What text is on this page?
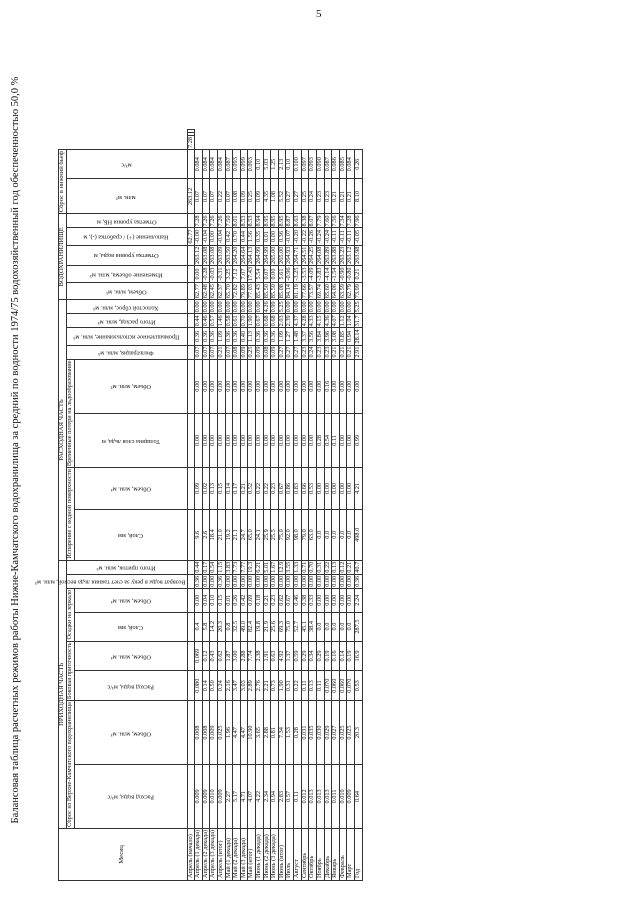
5
Балансовая таблица расчетных режимов работы Нижне-Камчатского водохранилища за средний по водности 1974/75 водохозяйственный год обеспеченностью 50,0 %
Месяц	ПРИХОДНАЯ ЧАСТЬ								РАСХОДНАЯ ЧАСТЬ								ВОДОХРАНИЛИЩЕ					Сброс в нижний бьеф				
	Сброс из Верхне-Камчатского водохранилища		Боковая приточность		Осадки на зеркало		Возврат воды в реку за счет таяния льда весной, млн. м³	Итого приток, млн. м³	Испарение с водной поверхности		Временные потери на льдообразование		Фильтрация, млн. м³	Промышленное использование, млн. м³	Итого расход, млн. м³	Холостой сброс, млн. м³	Объем, млн. м³	Изменение объема, млн. м³	Отметка уровня воды, м	Наполнение (+) / сработка (-), м	Отметка уровня НБ, м	млн. м³	м³/с			
	Расход воды, м³/с	Объем, млн. м³	Расход воды, м³/с	Объем, млн. м³	Слой, мм	Объем, млн. м³			Слой, мм	Объем, млн. м³	Толщина слоя льда, м	Объем, млн. м³														
Апрель (начало)																				62.77		263.12		7.28		
Апрель (1 декада)	0.009	0.008	0.080	0.069	0.4	0.00	0.36	0.44	9.6	0.09	0.00	0.00	0.07	0.36	0.44	0.00	62.77	0.00	263.12	-0.00	7.28	0.07	0.084			
Апрель (2 декада)	0.009	0.008	0.14	0.12	5.8	0.04	0.00	0.17	2.6	0.02	0.00	0.00	0.07	0.36	0.46	0.00	62.48	-0.28	263.08	-0.04	7.26	0.07	0.084			
Апрель (3 декада)	0.010	0.009	0.50	0.43	14.2	0.10	0.00	0.54	18.4	0.13	0.00	0.00	0.07	0.36	0.57	0.00	62.45	-0.03	263.08	0.00	7.26	0.07	0.084			
Апрель (итог)	0.009	0.025	0.24	0.62	20.3	0.15	0.36	1.15	21.0	0.15	0.00	0.00	0.21	1.09	1.46	0.00	62.37	-0.31	263.09	-0.04	7.26	0.22	0.084			
Май (1 декада)	2.27	1.96	2.16	1.87	0.8	0.01	0.00	3.83	19.2	0.14	0.00	0.00	0.07	0.36	0.58	0.00	65.70	3.25	263.50	0.42	7.50	0.07	0.087			
Май (2 декада)	5.17	4.47	3.47	3.00	32.5	0.26	0.00	7.73	21.1	0.17	0.00	0.00	0.08	0.36	0.61	0.00	72.82	7.12	264.20	0.70	8.01	0.08	0.093			
Май (3 декада)	4.71	4.47	3.03	2.88	49.0	0.42	0.00	7.77	24.7	0.21	0.00	0.00	0.09	0.40	0.70	0.00	79.89	7.07	264.64	0.44	8.53	0.09	0.099			
Май (итог)	4.07	10.90	2.89	7.74	82.4	0.69	0.00	19.3	65.0	0.52	0.00	0.00	0.25	1.13	1.90	0.00	77.03	17.43	264.13	1.56	8.53	0.25	0.093			
Июнь (1 декада)	4.22	3.65	2.76	2.38	19.8	0.18	0.00	6.21	24.1	0.22	0.00	0.00	0.09	0.36	0.67	0.00	85.43	5.54	264.99	0.35	8.94	0.09	0.10			
Июнь (2 декада)	2.34	2.88	2.21	1.91	21.9	0.21	0.00	5.01	25.9	0.22	0.00	0.00	0.08	0.36	0.68	4.26	85.50	0.07	264.99	0.01	8.95	4.35	5.03			
Июнь (3 декада)	0.94	0.81	0.73	0.63	25.6	0.23	0.00	1.67	25.5	0.23	0.00	0.00	0.09	0.36	0.68	0.99	85.50	0.00	265.00	0.00	8.95	1.08	1.25			
Июнь (итог)	2.83	7.34	1.90	4.92	69.3	0.62	0.00	12.9	75.0	0.67	0.00	0.00	0.27	1.09	2.03	5.25	85.08	5.61	265.00	0.36	8.95	5.52	2.13			
Июль	0.57	1.53	0.31	1.37	75.0	0.67	0.00	3.55	92.0	0.86	0.00	0.00	0.27	1.27	2.39	0.00	84.14	-0.96	264.93	-0.07	8.87	0.27	0.10			
Август	0.11	0.28	0.22	0.59	52.7	0.46	0.00	1.33	98.0	0.83	0.00	0.00	0.27	1.48	4.37	0.00	81.19	-3.25	264.71	-0.20	8.63	0.27	0.100			
Сентябрь	0.012	0.031	0.11	0.29	45.1	0.38	0.00	0.71	79.0	0.66	0.00	0.00	0.23	3.37	4.28	0.00	77.66	-3.53	264.51	-0.22	8.38	0.25	0.097			
Октябрь	0.013	0.035	0.13	0.34	38.4	0.33	0.00	0.70	63.0	0.53	0.00	0.00	0.24	3.56	4.33	0.00	73.57	-4.09	264.25	-0.26	8.07	0.24	0.093			
Ноябрь	0.013	0.030	0.11	0.29	0.0	0.00	0.00	0.31	0.0	0.00	0.28	0.00	0.23	3.84	4.15	0.00	69.74	-3.83	264.08	-0.24	7.79	0.23	0.090			
Декабрь	0.013	0.029	0.070	0.19	0.0	0.00	0.00	0.22	0.0	0.00	0.54	0.16	0.23	3.96	4.36	0.00	65.60	-4.14	263.89	-0.24	7.60	0.23	0.087			
Январь	0.011	0.027	0.060	0.16	0.0	0.00	0.00	0.13	0.0	0.00	0.11	0.00	0.21	3.08	4.07	0.00	64.06	-1.54	263.88	-0.11	7.56	0.21	0.086			
Февраль	0.010	0.025	0.060	0.14	0.0	0.00	0.00	0.12	0.0	0.00	0.00	0.00	0.21	0.85	1.12	0.00	63.59	-0.90	263.23	-0.11	7.34	0.21	0.085			
Март	0.009	0.025	0.070	0.19	0.0	0.00	0.00	0.21	0.0	0.00	0.00	0.00	0.21	0.94	1.04	0.00	62.79	-0.80	263.12	-0.11	7.28	0.21	0.084			
Год	0.64	20.3	0.53	16.9	287.5	2.24	0.36	40.7	498.0	4.21	0.99	0.00	2.91	28.14	31.7	5.25	73.99	0.21	263.98	-0.05	7.96	8.10	0.26			
